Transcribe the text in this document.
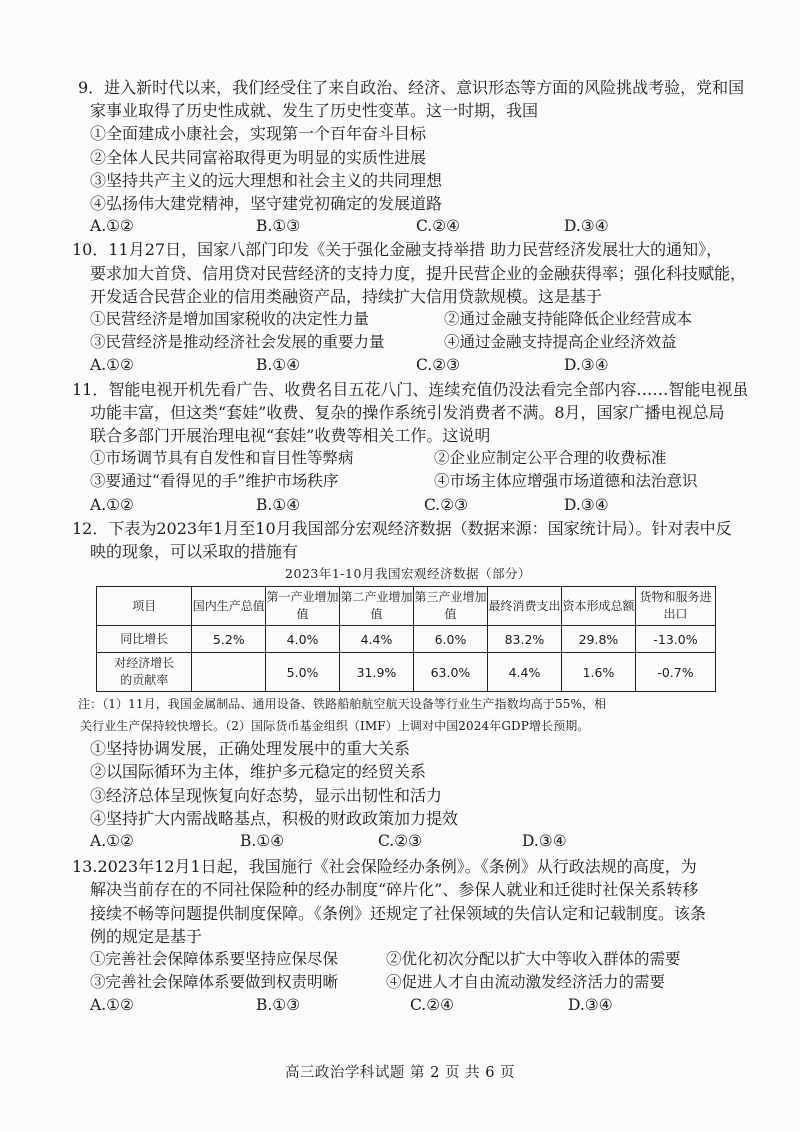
9．进入新时代以来，我们经受住了来自政治、经济、意识形态等方面的风险挑战考验，党和国
家事业取得了历史性成就、发生了历史性变革。这一时期，我国
①全面建成小康社会，实现第一个百年奋斗目标
②全体人民共同富裕取得更为明显的实质性进展
③坚持共产主义的远大理想和社会主义的共同理想
④弘扬伟大建党精神，坚守建党初确定的发展道路
A.①②	B.①③	C.②④	D.③④
10．11月27日，国家八部门印发《关于强化金融支持举措 助力民营经济发展壮大的通知》，
要求加大首贷、信用贷对民营经济的支持力度，提升民营企业的金融获得率；强化科技赋能，
开发适合民营企业的信用类融资产品，持续扩大信用贷款规模。这是基于
①民营经济是增加国家税收的决定性力量	②通过金融支持能降低企业经营成本
③民营经济是推动经济社会发展的重要力量	④通过金融支持提高企业经济效益
A.①②	B.①④	C.②③	D.③④
11．智能电视开机先看广告、收费名目五花八门、连续充值仍没法看完全部内容……智能电视虽
功能丰富，但这类“套娃”收费、复杂的操作系统引发消费者不满。8月，国家广播电视总局
联合多部门开展治理电视“套娃”收费等相关工作。这说明
①市场调节具有自发性和盲目性等弊病	②企业应制定公平合理的收费标准
③要通过“看得见的手”维护市场秩序	④市场主体应增强市场道德和法治意识
A.①②	B.①④	C.②③	D.③④
12．下表为2023年1月至10月我国部分宏观经济数据（数据来源：国家统计局）。针对表中反
映的现象，可以采取的措施有
2023年1-10月我国宏观经济数据（部分）
项目	国内生产总值	第一产业增加值	第二产业增加值	第三产业增加值	最终消费支出	资本形成总额	货物和服务进出口
同比增长	5.2%	4.0%	4.4%	6.0%	83.2%	29.8%	-13.0%
对经济增长的贡献率		5.0%	31.9%	63.0%	4.4%	1.6%	-0.7%
注：（1）11月，我国金属制品、通用设备、铁路船舶航空航天设备等行业生产指数均高于55%，相
关行业生产保持较快增长。（2）国际货币基金组织（IMF）上调对中国2024年GDP增长预期。
①坚持协调发展，正确处理发展中的重大关系
②以国际循环为主体，维护多元稳定的经贸关系
③经济总体呈现恢复向好态势，显示出韧性和活力
④坚持扩大内需战略基点，积极的财政政策加力提效
A.①②	B.①④	C.②③	D.③④
13.2023年12月1日起，我国施行《社会保险经办条例》。《条例》从行政法规的高度，为
解决当前存在的不同社保险种的经办制度“碎片化”、参保人就业和迁徙时社保关系转移
接续不畅等问题提供制度保障。《条例》还规定了社保领域的失信认定和记载制度。该条
例的规定是基于
①完善社会保障体系要坚持应保尽保	②优化初次分配以扩大中等收入群体的需要
③完善社会保障体系要做到权责明晰	④促进人才自由流动激发经济活力的需要
A.①②	B.①③	C.②④	D.③④
高三政治学科试题 第 2 页 共 6 页
